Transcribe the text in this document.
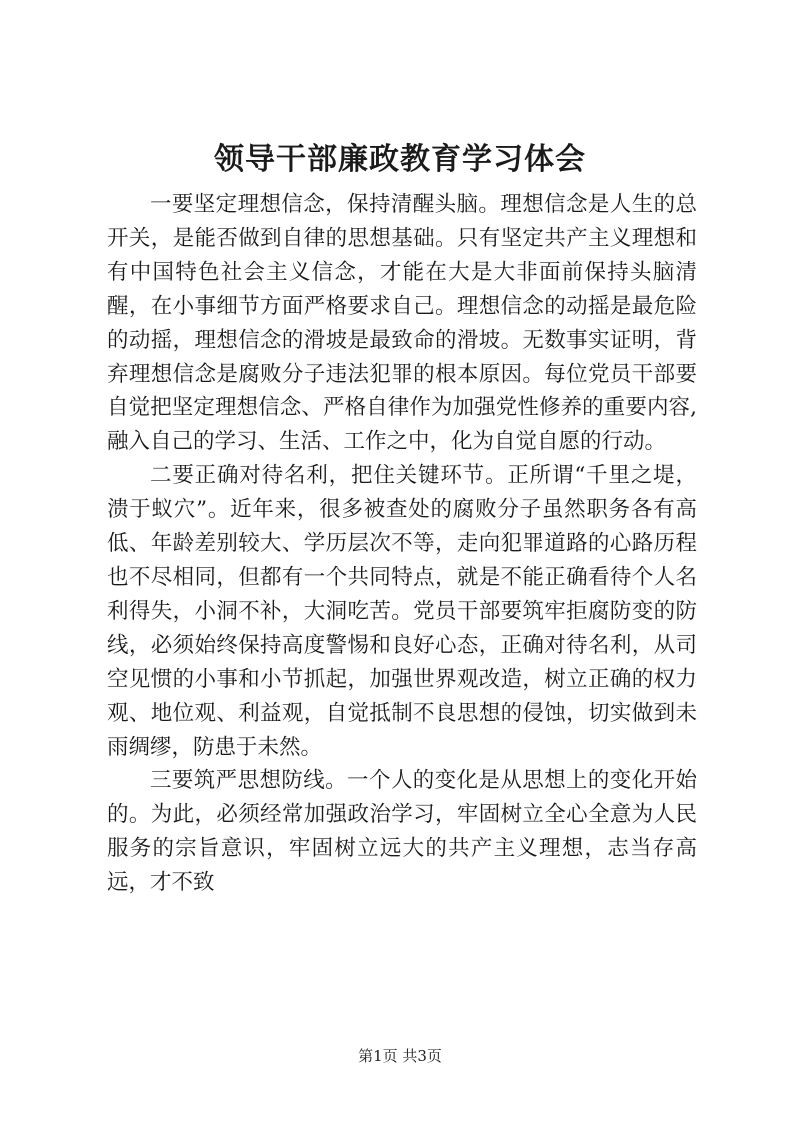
领导干部廉政教育学习体会

一要坚定理想信念，保持清醒头脑。理想信念是人生的总开关，是能否做到自律的思想基础。只有坚定共产主义理想和有中国特色社会主义信念，才能在大是大非面前保持头脑清醒，在小事细节方面严格要求自己。理想信念的动摇是最危险的动摇，理想信念的滑坡是最致命的滑坡。无数事实证明，背弃理想信念是腐败分子违法犯罪的根本原因。每位党员干部要自觉把坚定理想信念、严格自律作为加强党性修养的重要内容,融入自己的学习、生活、工作之中，化为自觉自愿的行动。

二要正确对待名利，把住关键环节。正所谓“千里之堤，溃于蚁穴”。近年来，很多被查处的腐败分子虽然职务各有高低、年龄差别较大、学历层次不等，走向犯罪道路的心路历程也不尽相同，但都有一个共同特点，就是不能正确看待个人名利得失，小洞不补，大洞吃苦。党员干部要筑牢拒腐防变的防线，必须始终保持高度警惕和良好心态，正确对待名利，从司空见惯的小事和小节抓起，加强世界观改造，树立正确的权力观、地位观、利益观，自觉抵制不良思想的侵蚀，切实做到未雨绸缪，防患于未然。

三要筑严思想防线。一个人的变化是从思想上的变化开始的。为此，必须经常加强政治学习，牢固树立全心全意为人民服务的宗旨意识，牢固树立远大的共产主义理想，志当存高远，才不致

第1页 共3页
